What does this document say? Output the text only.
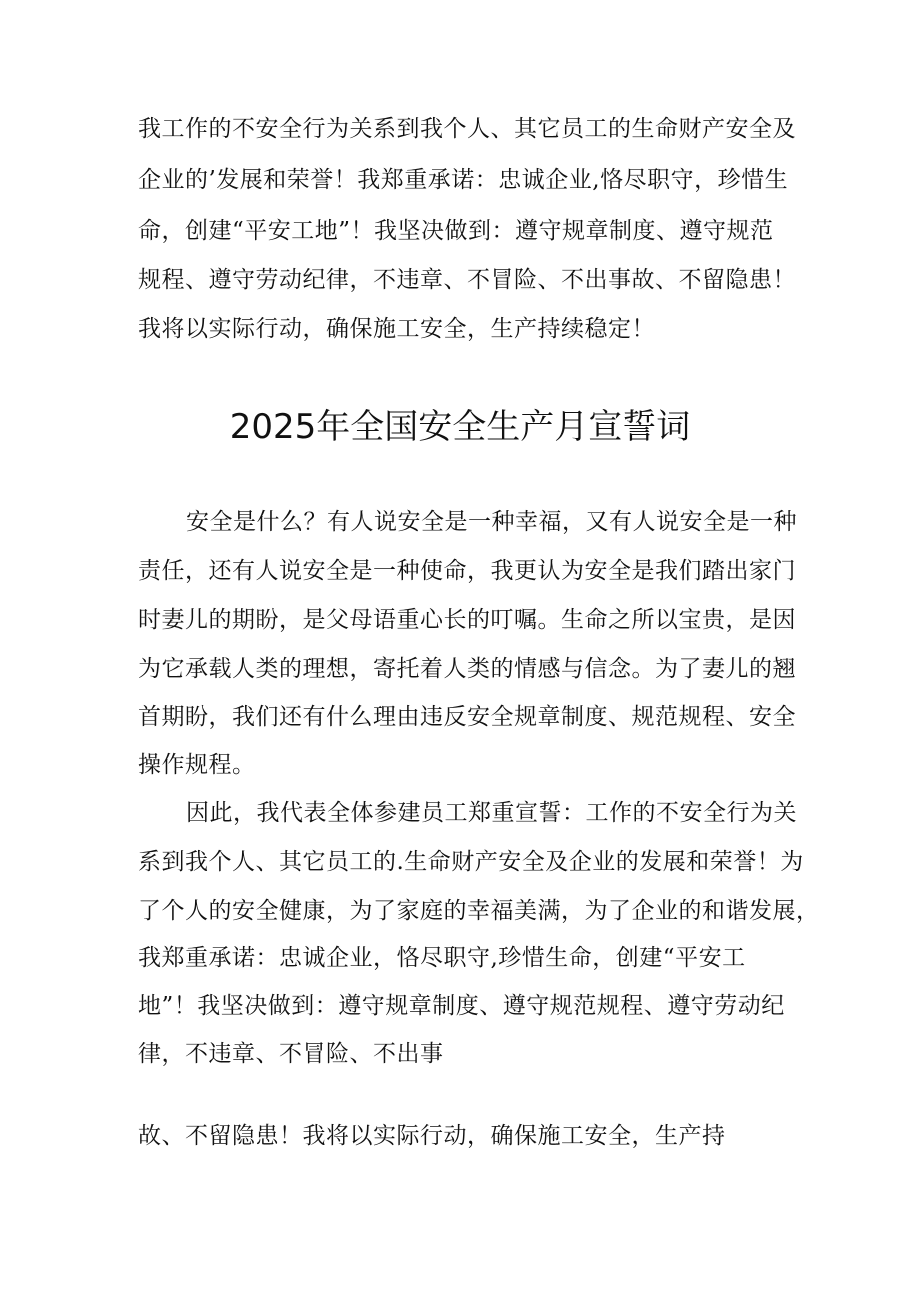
我工作的不安全行为关系到我个人、其它员工的生命财产安全及
企业的’发展和荣誉！我郑重承诺：忠诚企业,恪尽职守，珍惜生
命，创建“平安工地”！我坚决做到：遵守规章制度、遵守规范
规程、遵守劳动纪律，不违章、不冒险、不出事故、不留隐患！
我将以实际行动，确保施工安全，生产持续稳定！
2025年全国安全生产月宣誓词
安全是什么？有人说安全是一种幸福，又有人说安全是一种
责任，还有人说安全是一种使命，我更认为安全是我们踏出家门
时妻儿的期盼，是父母语重心长的叮嘱。生命之所以宝贵，是因
为它承载人类的理想，寄托着人类的情感与信念。为了妻儿的翘
首期盼，我们还有什么理由违反安全规章制度、规范规程、安全
操作规程。
因此，我代表全体参建员工郑重宣誓：工作的不安全行为关
系到我个人、其它员工的.生命财产安全及企业的发展和荣誉！为
了个人的安全健康，为了家庭的幸福美满，为了企业的和谐发展，
我郑重承诺：忠诚企业，恪尽职守,珍惜生命，创建“平安工
地”！我坚决做到：遵守规章制度、遵守规范规程、遵守劳动纪
律，不违章、不冒险、不出事
故、不留隐患！我将以实际行动，确保施工安全，生产持
